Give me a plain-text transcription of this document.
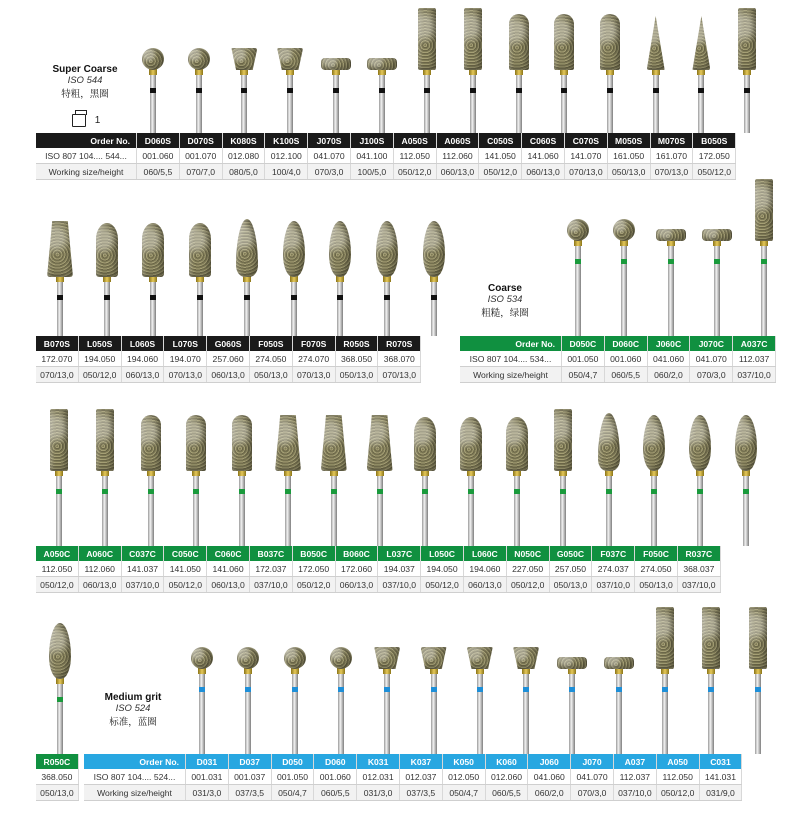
Super Coarse
ISO 544
特粗，黑圈
1
Coarse
ISO 534
粗糙，绿圈
Medium grit
ISO 524
标准，蓝圈
Order No.	D060S	D070S	K080S	K100S	J070S	J100S	A050S	A060S	C050S	C060S	C070S	M050S	M070S	B050S
ISO 807 104.... 544...	001.060	001.070	012.080	012.100	041.070	041.100	112.050	112.060	141.050	141.060	141.070	161.050	161.070	172.050
Working size/height	060/5,5	070/7,0	080/5,0	100/4,0	070/3,0	100/5,0	050/12,0	060/13,0	050/12,0	060/13,0	070/13,0	050/13,0	070/13,0	050/12,0
B070S	L050S	L060S	L070S	G060S	F050S	F070S	R050S	R070S
172.070	194.050	194.060	194.070	257.060	274.050	274.070	368.050	368.070
070/13,0	050/12,0	060/13,0	070/13,0	060/13,0	050/13,0	070/13,0	050/13,0	070/13,0
Order No.	D050C	D060C	J060C	J070C	A037C
ISO 807 104.... 534...	001.050	001.060	041.060	041.070	112.037
Working size/height	050/4,7	060/5,5	060/2,0	070/3,0	037/10,0
A050C	A060C	C037C	C050C	C060C	B037C	B050C	B060C	L037C	L050C	L060C	N050C	G050C	F037C	F050C	R037C
112.050	112.060	141.037	141.050	141.060	172.037	172.050	172.060	194.037	194.050	194.060	227.050	257.050	274.037	274.050	368.037
050/12,0	060/13,0	037/10,0	050/12,0	060/13,0	037/10,0	050/12,0	060/13,0	037/10,0	050/12,0	060/13,0	050/12,0	050/13,0	037/10,0	050/13,0	037/10,0
R050C
368.050
050/13,0
Order No.	D031	D037	D050	D060	K031	K037	K050	K060	J060	J070	A037	A050	C031
ISO 807 104.... 524...	001.031	001.037	001.050	001.060	012.031	012.037	012.050	012.060	041.060	041.070	112.037	112.050	141.031
Working size/height	031/3,0	037/3,5	050/4,7	060/5,5	031/3,0	037/3,5	050/4,7	060/5,5	060/2,0	070/3,0	037/10,0	050/12,0	031/9,0
